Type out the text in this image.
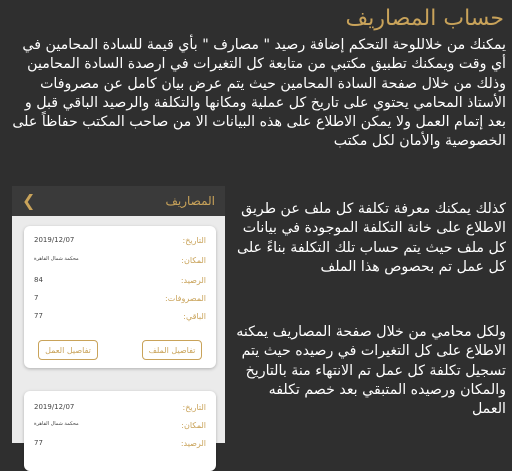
حساب المصاريف

يمكنك من خلاللوحة التحكم إضافة رصيد " مصارف " بأي قيمة للسادة المحامين في أي وقت ويمكنك تطبيق مكتبي من متابعة كل التغيرات في ارصدة السادة المحامين وذلك من خلال صفحة السادة المحامين حيث يتم عرض بيان كامل عن مصروفات الأستاذ المحامي يحتوي على تاريخ كل عملية ومكانها والتكلفة والرصيد الباقي قبل و بعد إتمام العمل ولا يمكن الاطلاع على هذه البيانات الا من صاحب المكتب حفاظاً على الخصوصية والأمان لكل مكتب

كذلك يمكنك معرفة تكلفة كل ملف عن طريق الاطلاع على خانة التكلفة الموجودة في بيانات كل ملف حيث يتم حساب تلك التكلفة بناءً على كل عمل تم بحصوص هذا الملف

ولكل محامي من خلال صفحة المصاريف يمكنه الاطلاع على كل التغيرات في رصيده حيث يتم تسجيل تكلفة كل عمل تم الانتهاء منة بالتاريخ والمكان ورصيده المتبقي بعد خصم تكلفه العمل

المصاريف
❯
التاريخ:
2019/12/07
المكان:
محكمة شمال القاهرة
الرصيد:
84
المصروفات:
7
الباقي:
77
تفاصيل الملف
تفاصيل العمل
التاريخ:
2019/12/07
المكان:
محكمة شمال القاهرة
الرصيد:
77
